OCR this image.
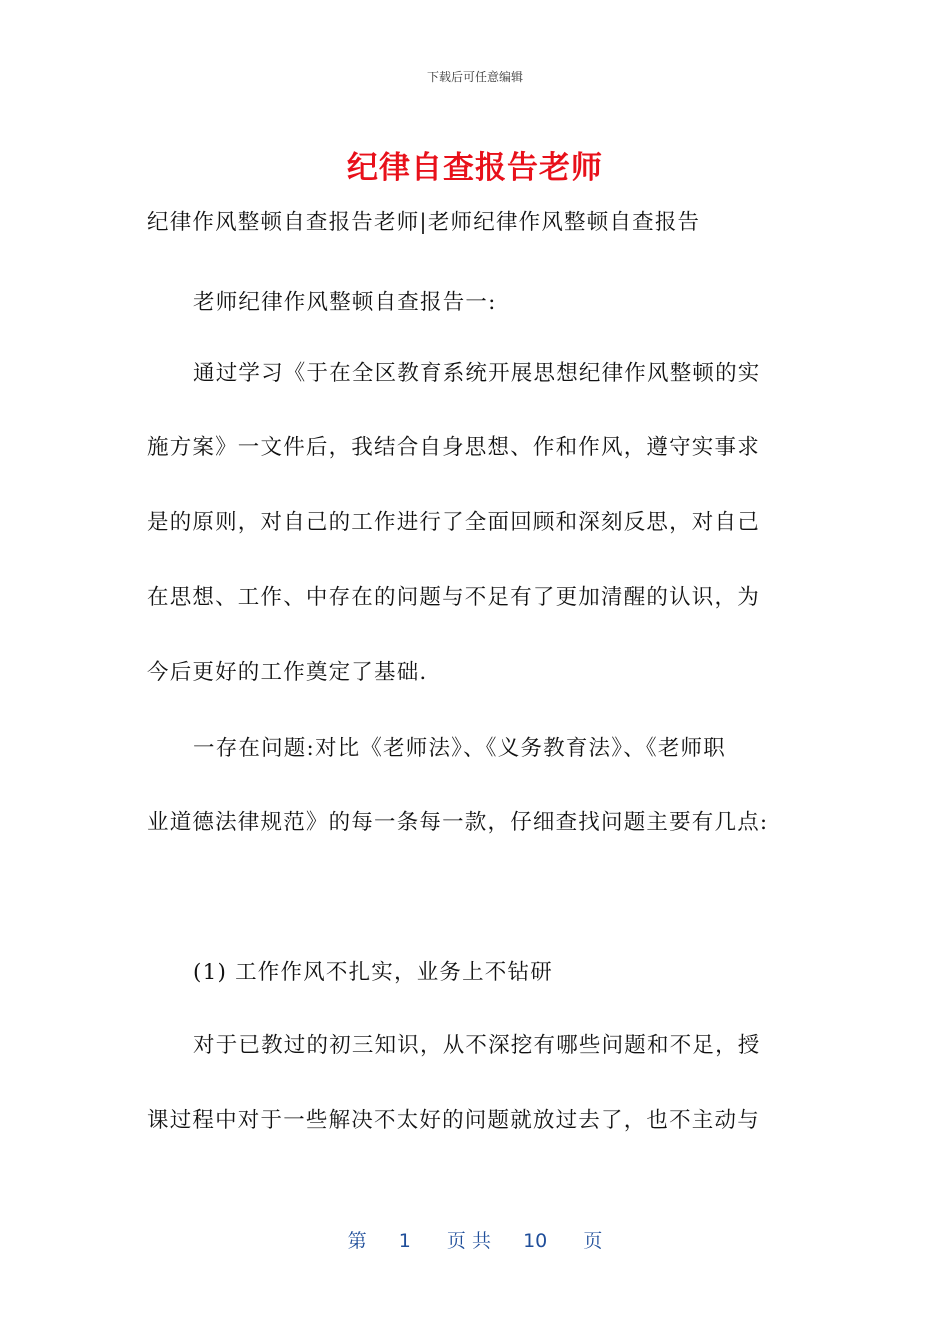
下载后可任意编辑
纪律自查报告老师
纪律作风整顿自查报告老师|老师纪律作风整顿自查报告
老师纪律作风整顿自查报告一:
通过学习《于在全区教育系统开展思想纪律作风整顿的实
施方案》一文件后，我结合自身思想、作和作风，遵守实事求
是的原则，对自己的工作进行了全面回顾和深刻反思，对自己
在思想、工作、中存在的问题与不足有了更加清醒的认识，为
今后更好的工作奠定了基础.
一存在问题:对比《老师法》、《义务教育法》、《老师职
业道德法律规范》的每一条每一款，仔细查找问题主要有几点:
(1) 工作作风不扎实，业务上不钻研
对于已教过的初三知识，从不深挖有哪些问题和不足，授
课过程中对于一些解决不太好的问题就放过去了，也不主动与
第 1 页 共 10 页
